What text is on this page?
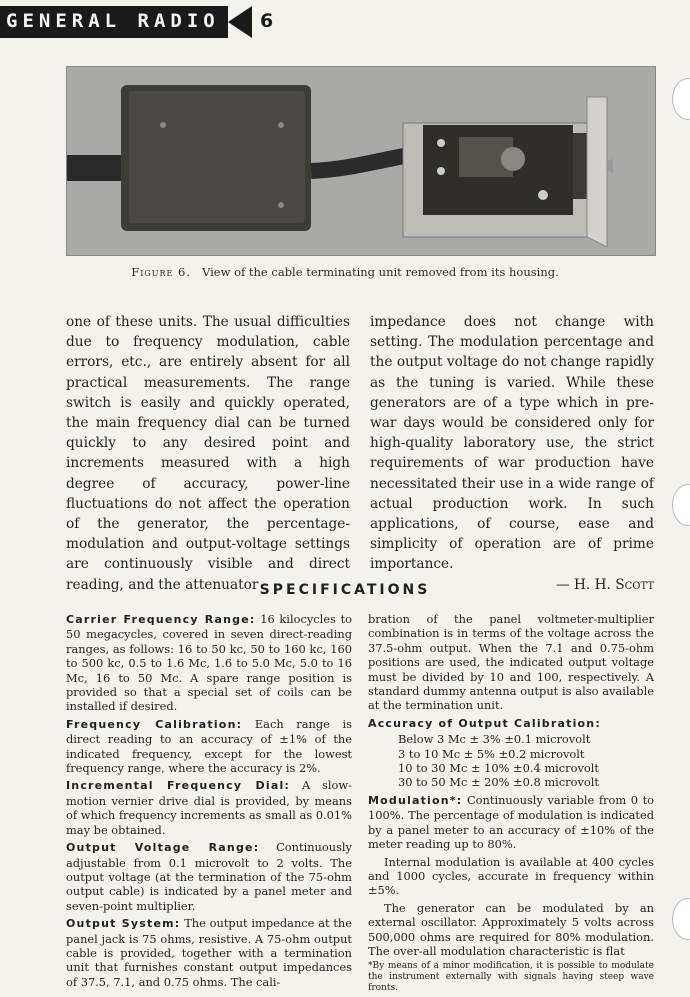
GENERAL RADIO 6
Figure 6. View of the cable terminating unit removed from its housing.
one of these units. The usual difficulties due to frequency modulation, cable errors, etc., are entirely absent for all practical measurements. The range switch is easily and quickly operated, the main frequency dial can be turned quickly to any desired point and increments measured with a high degree of accuracy, power-line fluctuations do not affect the operation of the generator, the percentage-modulation and output-voltage settings are continuously visible and direct reading, and the attenuator
impedance does not change with setting. The modulation percentage and the output voltage do not change rapidly as the tuning is varied. While these generators are of a type which in pre-war days would be considered only for high-quality laboratory use, the strict requirements of war production have necessitated their use in a wide range of actual production work. In such applications, of course, ease and simplicity of operation are of prime importance.
— H. H. Scott
SPECIFICATIONS

Carrier Frequency Range: 16 kilocycles to 50 megacycles, covered in seven direct-reading ranges, as follows: 16 to 50 kc, 50 to 160 kc, 160 to 500 kc, 0.5 to 1.6 Mc, 1.6 to 5.0 Mc, 5.0 to 16 Mc, 16 to 50 Mc. A spare range position is provided so that a special set of coils can be installed if desired.

Frequency Calibration: Each range is direct reading to an accuracy of ±1% of the indicated frequency, except for the lowest frequency range, where the accuracy is 2%.

Incremental Frequency Dial: A slow-motion vernier drive dial is provided, by means of which frequency increments as small as 0.01% may be obtained.

Output Voltage Range: Continuously adjustable from 0.1 microvolt to 2 volts. The output voltage (at the termination of the 75-ohm output cable) is indicated by a panel meter and seven-point multiplier.

Output System: The output impedance at the panel jack is 75 ohms, resistive. A 75-ohm output cable is provided, together with a termination unit that furnishes constant output impedances of 37.5, 7.1, and 0.75 ohms. The cali-

bration of the panel voltmeter-multiplier combination is in terms of the voltage across the 37.5-ohm output. When the 7.1 and 0.75-ohm positions are used, the indicated output voltage must be divided by 10 and 100, respectively. A standard dummy antenna output is also available at the termination unit.

Accuracy of Output Calibration:

Below 3 Mc ± 3% ±0.1 microvolt
3 to 10 Mc ± 5% ±0.2 microvolt
10 to 30 Mc ± 10% ±0.4 microvolt
30 to 50 Mc ± 20% ±0.8 microvolt

Modulation*: Continuously variable from 0 to 100%. The percentage of modulation is indicated by a panel meter to an accuracy of ±10% of the meter reading up to 80%.

Internal modulation is available at 400 cycles and 1000 cycles, accurate in frequency within ±5%.

The generator can be modulated by an external oscillator. Approximately 5 volts across 500,000 ohms are required for 80% modulation. The over-all modulation characteristic is flat

*By means of a minor modification, it is possible to modulate the instrument externally with signals having steep wave fronts.
